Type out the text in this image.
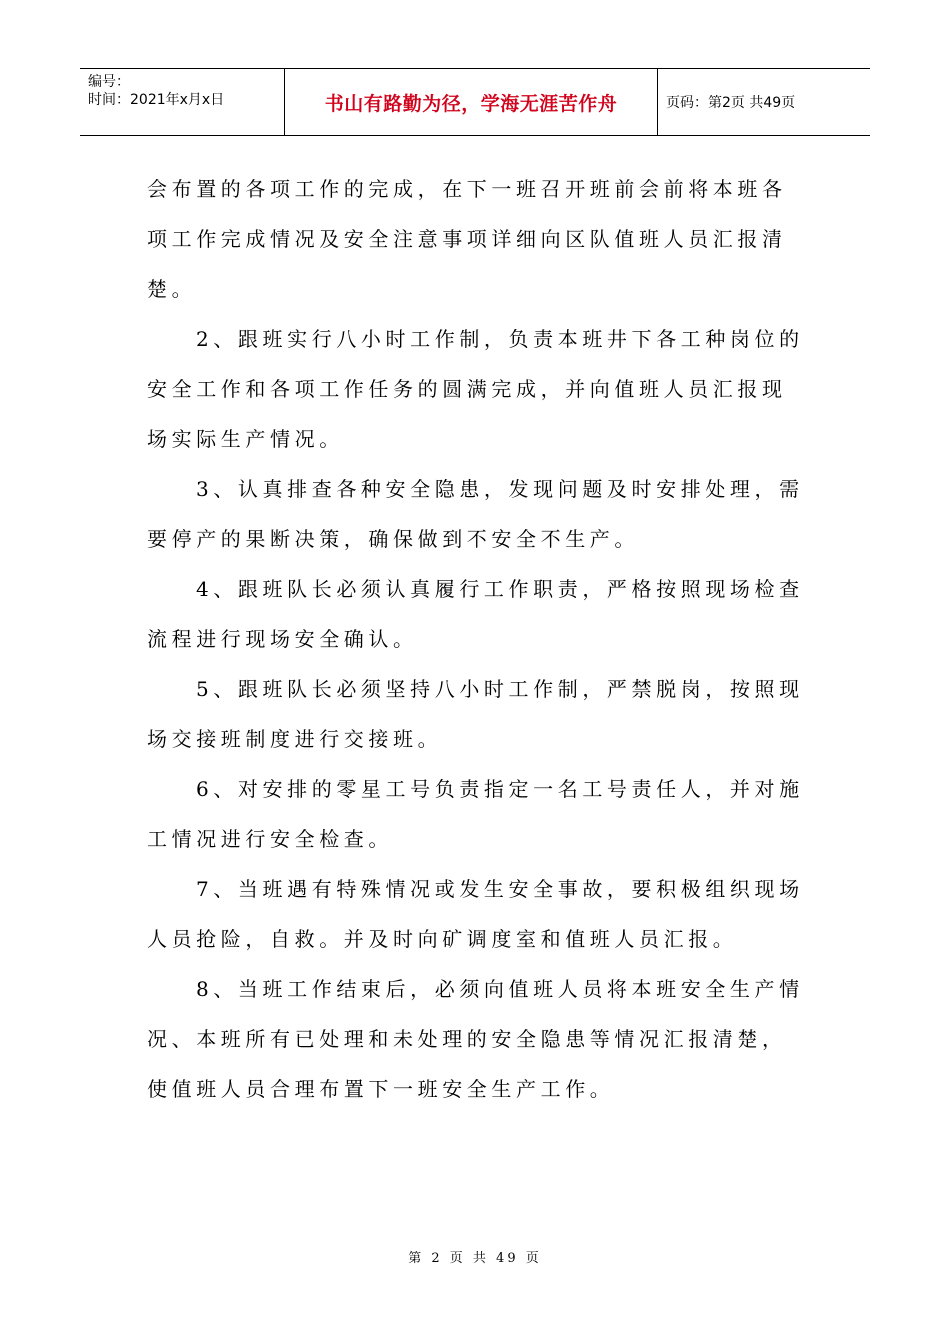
编号：
时间：2021年x月x日	书山有路勤为径，学海无涯苦作舟	页码：第2页 共49页

会布置的各项工作的完成，在下一班召开班前会前将本班各项工作完成情况及安全注意事项详细向区队值班人员汇报清楚。

2、跟班实行八小时工作制，负责本班井下各工种岗位的安全工作和各项工作任务的圆满完成，并向值班人员汇报现场实际生产情况。

3、认真排查各种安全隐患，发现问题及时安排处理，需要停产的果断决策，确保做到不安全不生产。

4、跟班队长必须认真履行工作职责，严格按照现场检查流程进行现场安全确认。

5、跟班队长必须坚持八小时工作制，严禁脱岗，按照现场交接班制度进行交接班。

6、对安排的零星工号负责指定一名工号责任人，并对施工情况进行安全检查。

7、当班遇有特殊情况或发生安全事故，要积极组织现场人员抢险，自救。并及时向矿调度室和值班人员汇报。

8、当班工作结束后，必须向值班人员将本班安全生产情况、本班所有已处理和未处理的安全隐患等情况汇报清楚，使值班人员合理布置下一班安全生产工作。

第 2 页 共 49 页
